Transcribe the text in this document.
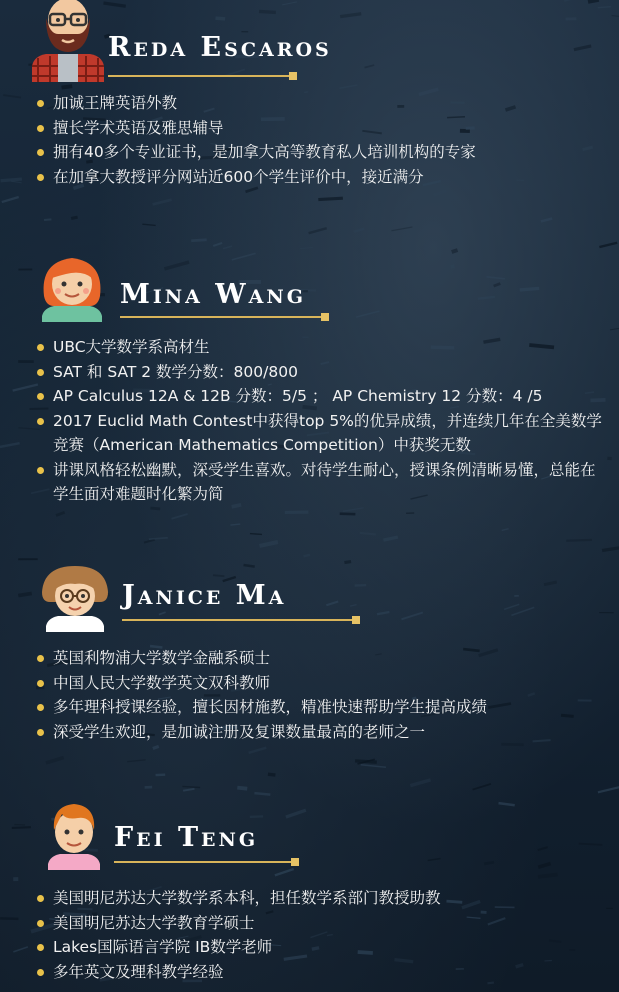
Reda Escaros
加诚王牌英语外教
擅长学术英语及雅思辅导
拥有40多个专业证书，是加拿大高等教育私人培训机构的专家
在加拿大教授评分网站近600个学生评价中，接近满分
Mina Wang
UBC大学数学系高材生
SAT 和 SAT 2 数学分数：800/800
AP Calculus 12A & 12B 分数：5/5 ； AP Chemistry 12 分数：4 /5
2017 Euclid Math Contest中获得top 5%的优异成绩，并连续几年在全美数学竞赛（American Mathematics Competition）中获奖无数
讲课风格轻松幽默，深受学生喜欢。对待学生耐心，授课条例清晰易懂，总能在学生面对难题时化繁为简
Janice Ma
英国利物浦大学数学金融系硕士
中国人民大学数学英文双科教师
多年理科授课经验，擅长因材施教，精准快速帮助学生提高成绩
深受学生欢迎，是加诚注册及复课数量最高的老师之一
Fei Teng
美国明尼苏达大学数学系本科，担任数学系部门教授助教
美国明尼苏达大学教育学硕士
Lakes国际语言学院 IB数学老师
多年英文及理科教学经验
